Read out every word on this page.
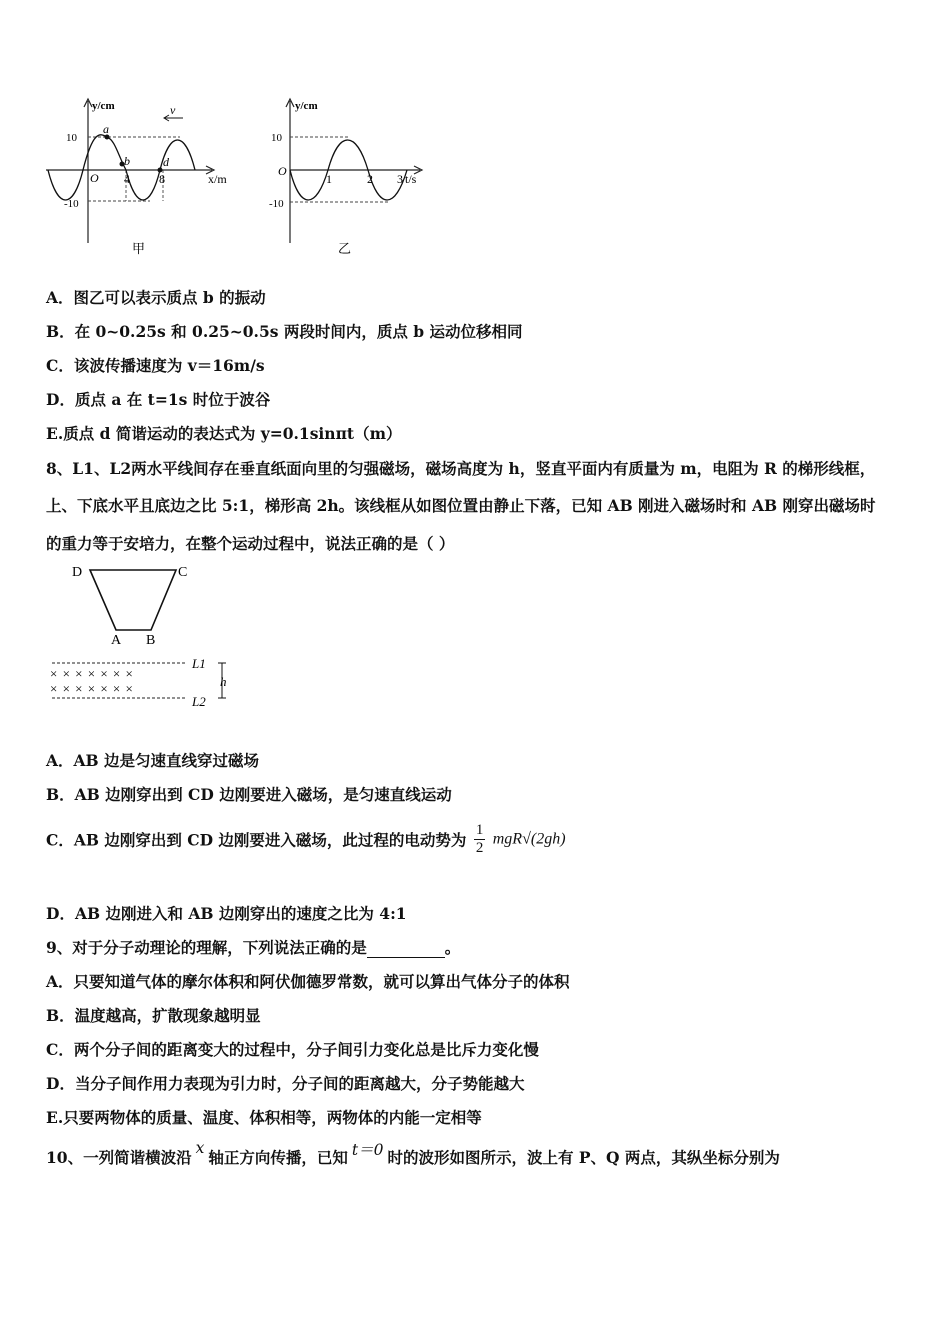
y/cm
x/m
O
10
-10
4 8
a
b	d
v
甲
y/cm
t/s
O
10
-10
1	2 3
乙
A．图乙可以表示质点 b 的振动
B．在 0~0.25s 和 0.25~0.5s 两段时间内，质点 b 运动位移相同
C．该波传播速度为 v＝16m/s
D．质点 a 在 t=1s 时位于波谷
E.质点 d 简谐运动的表达式为 y=0.1sinπt（m）
8、L1、L2两水平线间存在垂直纸面向里的匀强磁场，磁场高度为 h，竖直平面内有质量为 m，电阻为 R 的梯形线框，
上、下底水平且底边之比 5:1，梯形高 2h。该线框从如图位置由静止下落，已知 AB 刚进入磁场时和 AB 刚穿出磁场时
的重力等于安培力，在整个运动过程中，说法正确的是（ ）
D	C
A B
× × × × × × ×
× × × × × × ×
L1
L2
h
A．AB 边是匀速直线穿过磁场
B．AB 边刚穿出到 CD 边刚要进入磁场，是匀速直线运动
C．AB 边刚穿出到 CD 边刚要进入磁场，此过程的电动势为 $\frac{1}{2} mgR√(2gh)$
D．AB 边刚进入和 AB 边刚穿出的速度之比为 4:1
9、对于分子动理论的理解，下列说法正确的是	。
A．只要知道气体的摩尔体积和阿伏伽德罗常数，就可以算出气体分子的体积
B．温度越高，扩散现象越明显
C．两个分子间的距离变大的过程中，分子间引力变化总是比斥力变化慢
D．当分子间作用力表现为引力时，分子间的距离越大，分子势能越大
E.只要两物体的质量、温度、体积相等，两物体的内能一定相等
10、一列简谐横波沿 x 轴正方向传播，已知 t＝0 时的波形如图所示，波上有 P、Q 两点，其纵坐标分别为
